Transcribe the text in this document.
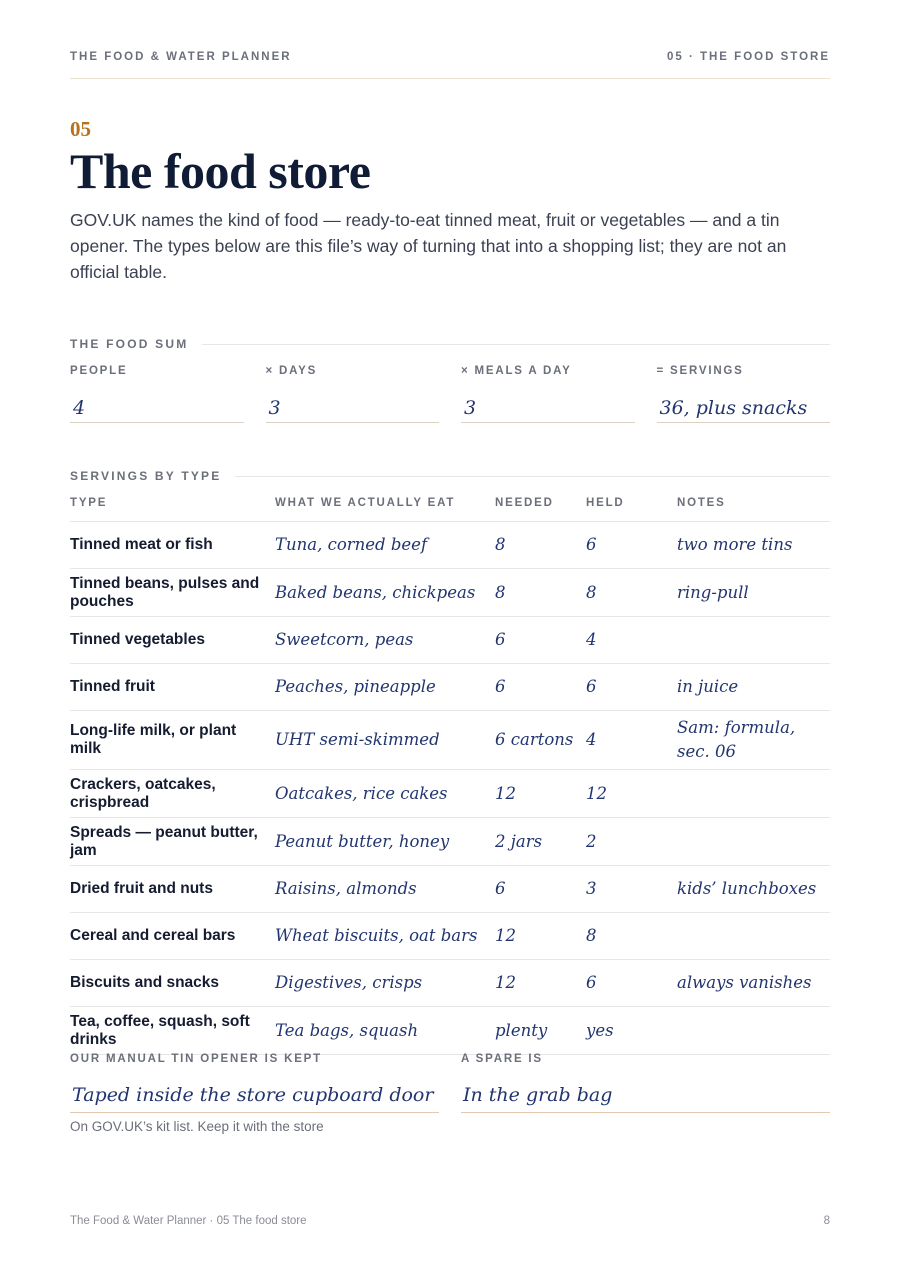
THE FOOD & WATER PLANNER	05 · THE FOOD STORE
05
The food store

GOV.UK names the kind of food — ready-to-eat tinned meat, fruit or vegetables — and a tin opener. The types below are this file’s way of turning that into a shopping list; they are not an official table.

THE FOOD SUM
PEOPLE
4
× DAYS
3
× MEALS A DAY
3
= SERVINGS
36, plus snacks
SERVINGS BY TYPE
TYPE	WHAT WE ACTUALLY EAT	NEEDED	HELD	NOTES
Tinned meat or fish	Tuna, corned beef	8	6	two more tins
Tinned beans, pulses and pouches	Baked beans, chickpeas	8	8	ring-pull
Tinned vegetables	Sweetcorn, peas	6	4	
Tinned fruit	Peaches, pineapple	6	6	in juice
Long-life milk, or plant milk	UHT semi-skimmed	6 cartons	4	Sam: formula, sec. 06
Crackers, oatcakes, crispbread	Oatcakes, rice cakes	12	12	
Spreads — peanut butter, jam	Peanut butter, honey	2 jars	2	
Dried fruit and nuts	Raisins, almonds	6	3	kids’ lunchboxes
Cereal and cereal bars	Wheat biscuits, oat bars	12	8	
Biscuits and snacks	Digestives, crisps	12	6	always vanishes
Tea, coffee, squash, soft drinks	Tea bags, squash	plenty	yes	
OUR MANUAL TIN OPENER IS KEPT
Taped inside the store cupboard door
On GOV.UK’s kit list. Keep it with the store
A SPARE IS
In the grab bag
The Food & Water Planner · 05 The food store	8
